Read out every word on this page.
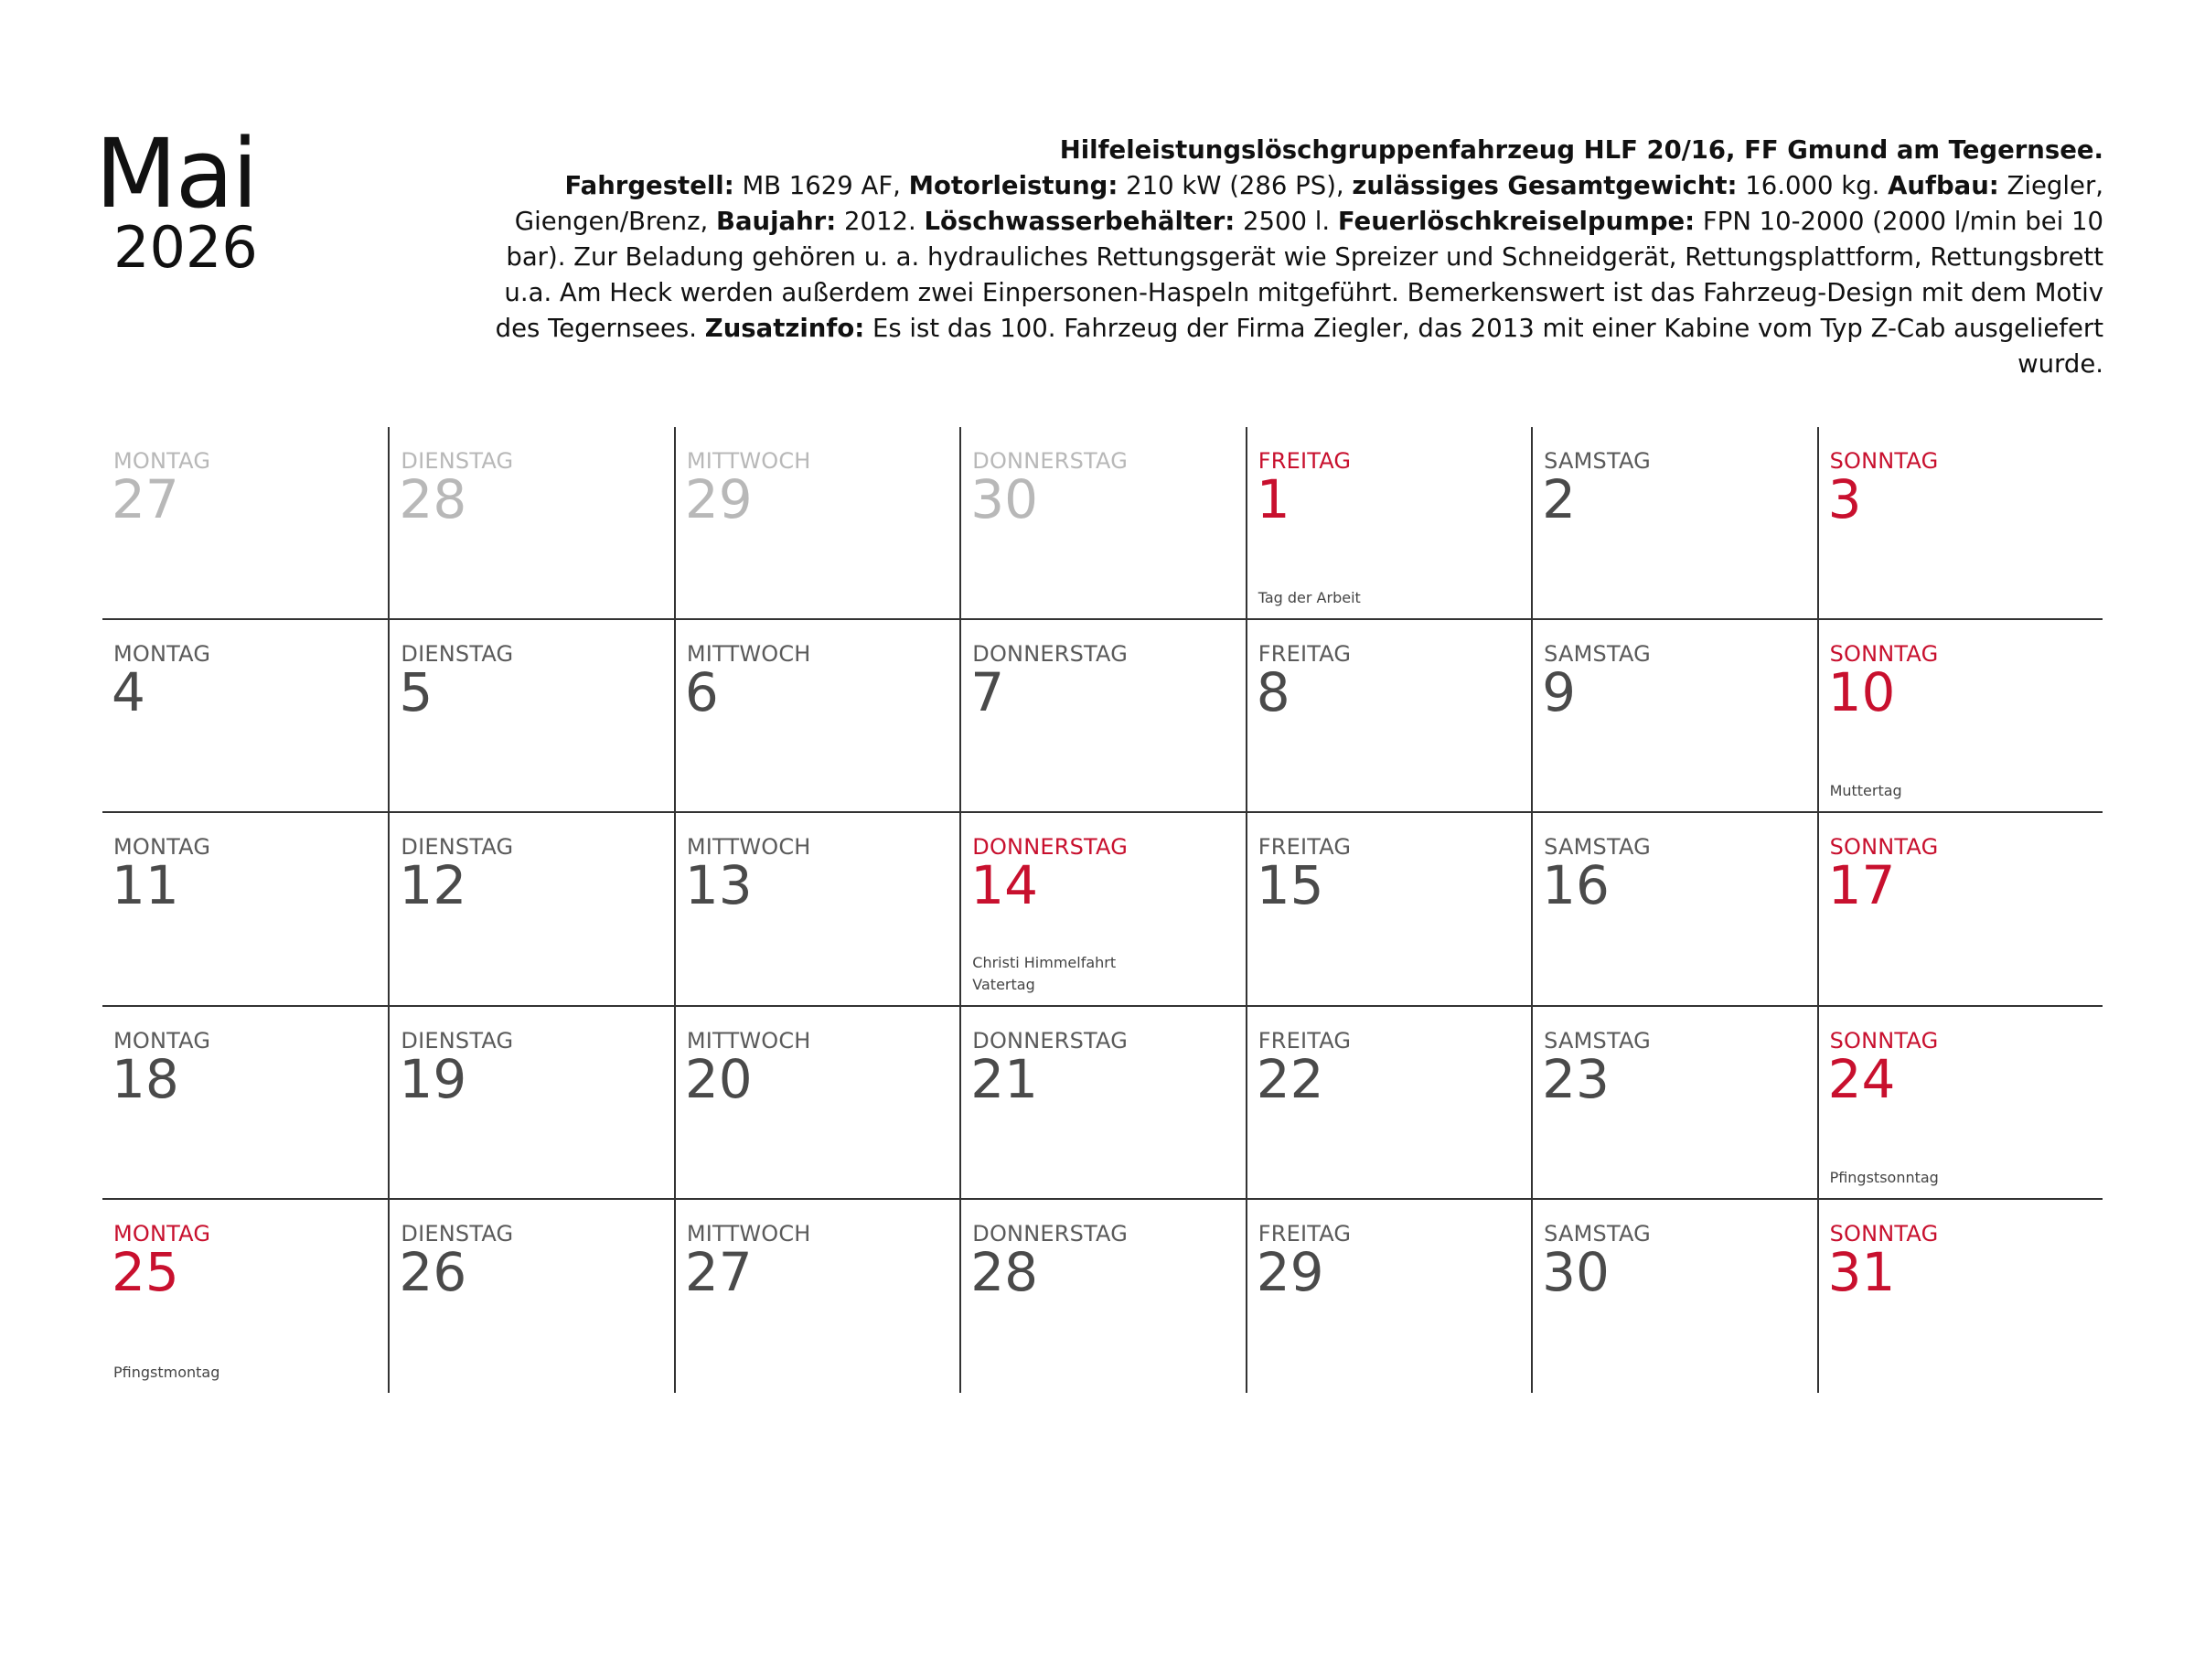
Mai
2026
Hilfeleistungslöschgruppenfahrzeug HLF 20/16, FF Gmund am Tegernsee.
Fahrgestell: MB 1629 AF, Motorleistung: 210 kW (286 PS), zulässiges Gesamtgewicht: 16.000 kg. Aufbau: Ziegler, Giengen/Brenz, Baujahr: 2012. Löschwasserbehälter: 2500 l. Feuerlöschkreiselpumpe: FPN 10-2000 (2000 l/min bei 10 bar). Zur Beladung gehören u. a. hydrauliches Rettungsgerät wie Spreizer und Schneidgerät, Rettungsplattform, Rettungsbrett u.a. Am Heck werden außerdem zwei Einpersonen-Haspeln mitgeführt. Bemerkenswert ist das Fahrzeug-Design mit dem Motiv des Tegernsees. Zusatzinfo: Es ist das 100. Fahrzeug der Firma Ziegler, das 2013 mit einer Kabine vom Typ Z-Cab ausgeliefert wurde.
MONTAG
27
DIENSTAG
28
MITTWOCH
29
DONNERSTAG
30
FREITAG
1
Tag der Arbeit
SAMSTAG
2
SONNTAG
3
MONTAG
4
DIENSTAG
5
MITTWOCH
6
DONNERSTAG
7
FREITAG
8
SAMSTAG
9
SONNTAG
10
Muttertag
MONTAG
11
DIENSTAG
12
MITTWOCH
13
DONNERSTAG
14
Christi Himmelfahrt
Vatertag
FREITAG
15
SAMSTAG
16
SONNTAG
17
MONTAG
18
DIENSTAG
19
MITTWOCH
20
DONNERSTAG
21
FREITAG
22
SAMSTAG
23
SONNTAG
24
Pfingstsonntag
MONTAG
25
Pfingstmontag
DIENSTAG
26
MITTWOCH
27
DONNERSTAG
28
FREITAG
29
SAMSTAG
30
SONNTAG
31
